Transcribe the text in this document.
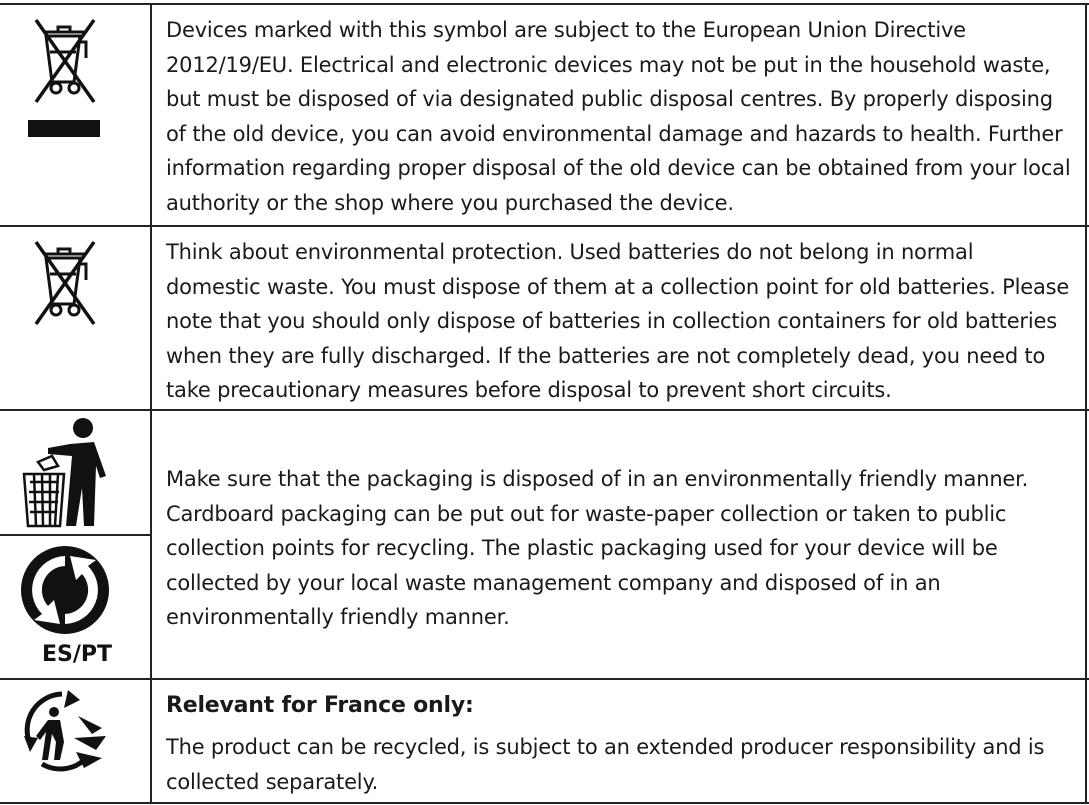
ES/PT
Devices marked with this symbol are subject to the European Union Directive 2012/19/EU. Electrical and electronic devices may not be put in the household waste, but must be disposed of via designated public disposal centres. By properly disposing of the old device, you can avoid environmental damage and hazards to health. Further information regarding proper disposal of the old device can be obtained from your local authority or the shop where you purchased the device.
Think about environmental protection. Used batteries do not belong in normal domestic waste. You must dispose of them at a collection point for old batteries. Please note that you should only dispose of batteries in collection containers for old batteries when they are fully discharged. If the batteries are not completely dead, you need to take precautionary measures before disposal to prevent short circuits.
Make sure that the packaging is disposed of in an environmentally friendly manner. Cardboard packaging can be put out for waste-paper collection or taken to public collection points for recycling. The plastic packaging used for your device will be collected by your local waste management company and disposed of in an environmentally friendly manner.
Relevant for France only:
The product can be recycled, is subject to an extended producer responsibility and is collected separately.
